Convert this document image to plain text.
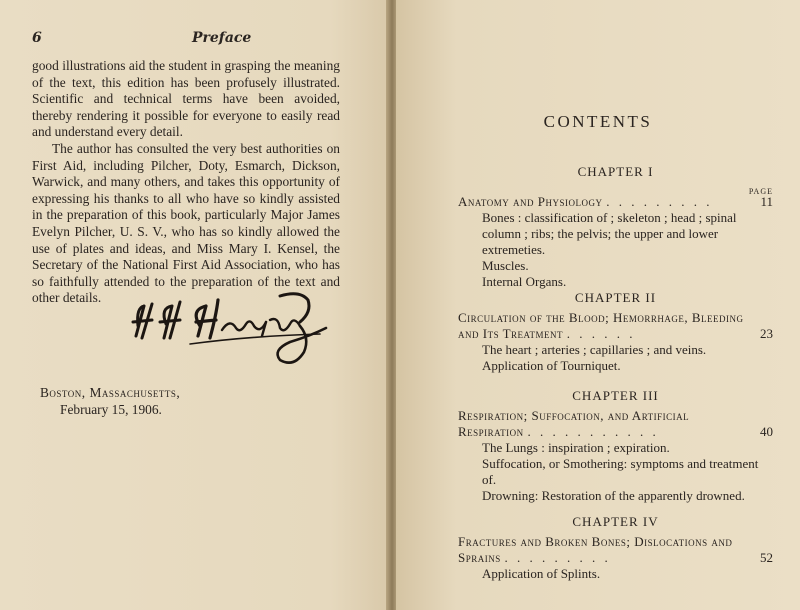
6	Preface

good illustrations aid the student in grasping the meaning of the text, this edition has been profusely illustrated. Scientific and technical terms have been avoided, thereby rendering it possible for everyone to easily read and understand every detail.

The author has consulted the very best authorities on First Aid, including Pilcher, Doty, Esmarch, Dickson, Warwick, and many others, and takes this opportunity of expressing his thanks to all who have so kindly assisted in the preparation of this book, particularly Major James Evelyn Pilcher, U. S. V., who has so kindly allowed the use of plates and ideas, and Miss Mary I. Kensel, the Secretary of the National First Aid Association, who has so faithfully attended to the preparation of the text and other details.

Boston, Massachusetts,
February 15, 1906.
CONTENTS
CHAPTER I
PAGE
Anatomy and Physiology . . . . . . . . .	11
Bones : classification of ; skeleton ; head ; spinal column ; ribs; the pelvis; the upper and lower extremeties.
Muscles.
Internal Organs.
CHAPTER II
Circulation of the Blood; Hemorrhage, Bleeding and Its Treatment . . . . . .	23
The heart ; arteries ; capillaries ; and veins.
Application of Tourniquet.
CHAPTER III
Respiration; Suffocation, and Artificial Respiration . . . . . . . . . . .	40
The Lungs : inspiration ; expiration.
Suffocation, or Smothering: symptoms and treatment of.
Drowning: Restoration of the apparently drowned.
CHAPTER IV
Fractures and Broken Bones; Dislocations and Sprains . . . . . . . . .	52
Application of Splints.
